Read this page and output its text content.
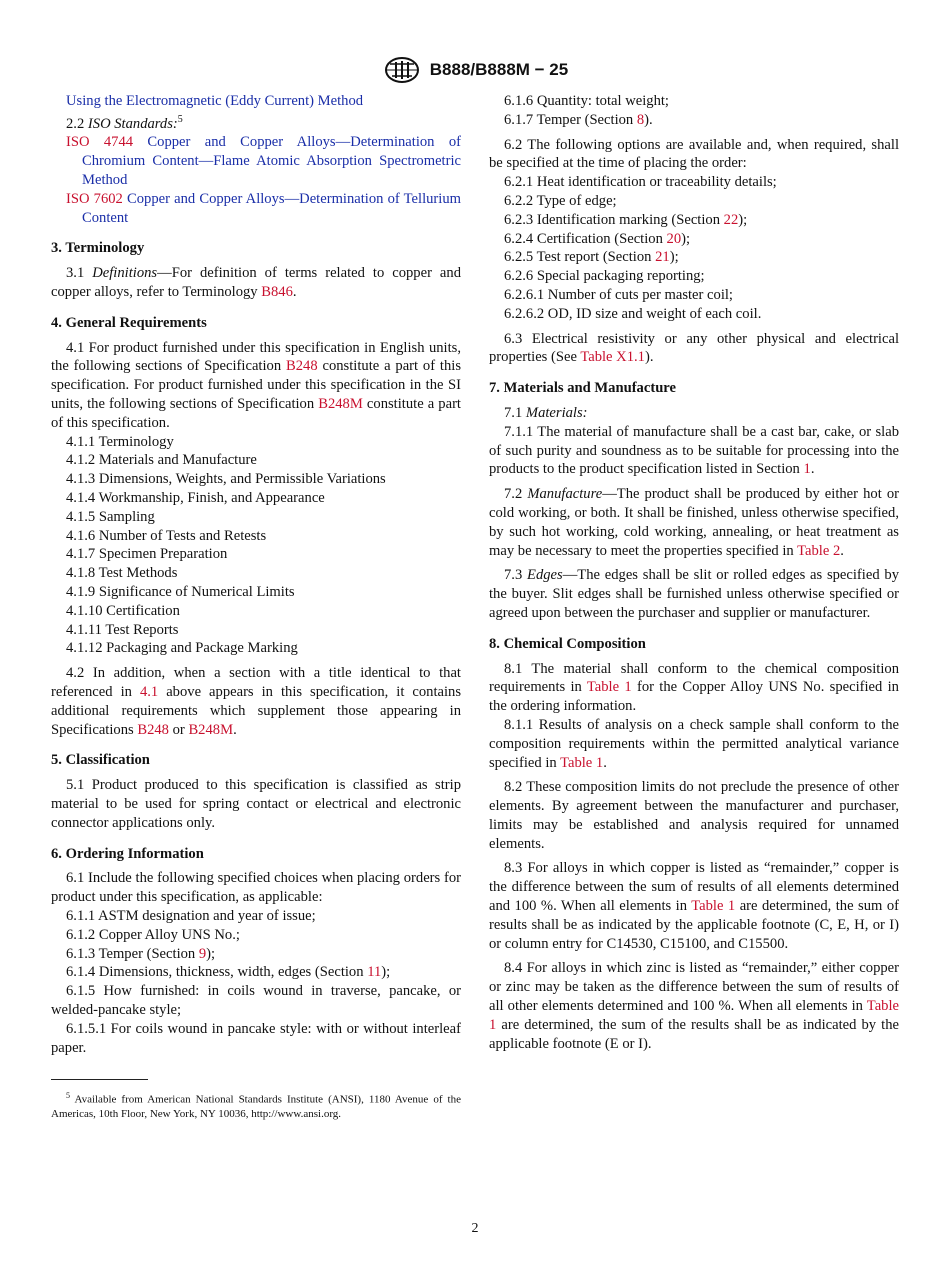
B888/B888M − 25

Using the Electromagnetic (Eddy Current) Method

2.2 ISO Standards:$^5$

ISO 4744 Copper and Copper Alloys—Determination of Chromium Content—Flame Atomic Absorption Spectrometric Method

ISO 7602 Copper and Copper Alloys—Determination of Tellurium Content

3. Terminology

3.1 Definitions—For definition of terms related to copper and copper alloys, refer to Terminology B846.

4. General Requirements

4.1 For product furnished under this specification in English units, the following sections of Specification B248 constitute a part of this specification. For product furnished under this specification in the SI units, the following sections of Specification B248M constitute a part of this specification.

4.1.1 Terminology

4.1.2 Materials and Manufacture

4.1.3 Dimensions, Weights, and Permissible Variations

4.1.4 Workmanship, Finish, and Appearance

4.1.5 Sampling

4.1.6 Number of Tests and Retests

4.1.7 Specimen Preparation

4.1.8 Test Methods

4.1.9 Significance of Numerical Limits

4.1.10 Certification

4.1.11 Test Reports

4.1.12 Packaging and Package Marking

4.2 In addition, when a section with a title identical to that referenced in 4.1 above appears in this specification, it contains additional requirements which supplement those appearing in Specifications B248 or B248M.

5. Classification

5.1 Product produced to this specification is classified as strip material to be used for spring contact or electrical and electronic connector applications only.

6. Ordering Information

6.1 Include the following specified choices when placing orders for product under this specification, as applicable:

6.1.1 ASTM designation and year of issue;

6.1.2 Copper Alloy UNS No.;

6.1.3 Temper (Section 9);

6.1.4 Dimensions, thickness, width, edges (Section 11);

6.1.5 How furnished: in coils wound in traverse, pancake, or welded-pancake style;

6.1.5.1 For coils wound in pancake style: with or without interleaf paper.

$^5$ Available from American National Standards Institute (ANSI), 1180 Avenue of the Americas, 10th Floor, New York, NY 10036, http://www.ansi.org.

6.1.6 Quantity: total weight;

6.1.7 Temper (Section 8).

6.2 The following options are available and, when required, shall be specified at the time of placing the order:

6.2.1 Heat identification or traceability details;

6.2.2 Type of edge;

6.2.3 Identification marking (Section 22);

6.2.4 Certification (Section 20);

6.2.5 Test report (Section 21);

6.2.6 Special packaging reporting;

6.2.6.1 Number of cuts per master coil;

6.2.6.2 OD, ID size and weight of each coil.

6.3 Electrical resistivity or any other physical and electrical properties (See Table X1.1).

7. Materials and Manufacture

7.1 Materials:

7.1.1 The material of manufacture shall be a cast bar, cake, or slab of such purity and soundness as to be suitable for processing into the products to the product specification listed in Section 1.

7.2 Manufacture—The product shall be produced by either hot or cold working, or both. It shall be finished, unless otherwise specified, by such hot working, cold working, annealing, or heat treatment as may be necessary to meet the properties specified in Table 2.

7.3 Edges—The edges shall be slit or rolled edges as specified by the buyer. Slit edges shall be furnished unless otherwise specified or agreed upon between the purchaser and supplier or manufacturer.

8. Chemical Composition

8.1 The material shall conform to the chemical composition requirements in Table 1 for the Copper Alloy UNS No. specified in the ordering information.

8.1.1 Results of analysis on a check sample shall conform to the composition requirements within the permitted analytical variance specified in Table 1.

8.2 These composition limits do not preclude the presence of other elements. By agreement between the manufacturer and purchaser, limits may be established and analysis required for unnamed elements.

8.3 For alloys in which copper is listed as “remainder,” copper is the difference between the sum of results of all elements determined and 100 %. When all elements in Table 1 are determined, the sum of results shall be as indicated by the applicable footnote (C, E, H, or I) or column entry for C14530, C15100, and C15500.

8.4 For alloys in which zinc is listed as “remainder,” either copper or zinc may be taken as the difference between the sum of results of all other elements determined and 100 %. When all elements in Table 1 are determined, the sum of the results shall be as indicated by the applicable footnote (E or I).

2
